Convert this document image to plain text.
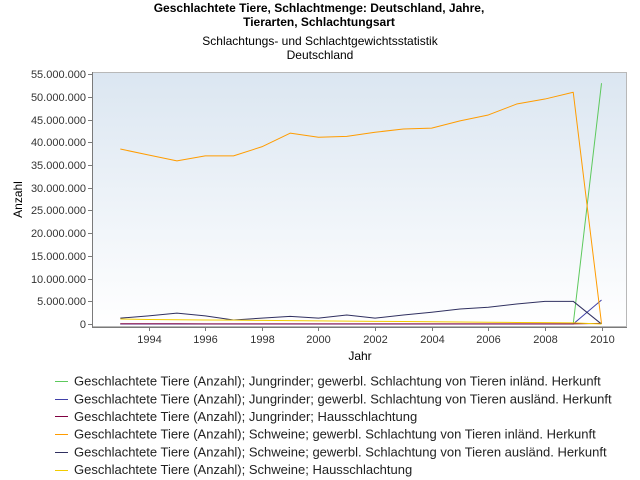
Geschlachtete Tiere, Schlachtmenge: Deutschland, Jahre,
Tierarten, Schlachtungsart
Schlachtungs- und Schlachtgewichtsstatistik
Deutschland
0
5.000.000
10.000.000
15.000.000
20.000.000
25.000.000
30.000.000
35.000.000
40.000.000
45.000.000
50.000.000
55.000.000
1994	1996	1998	2000	2002	2004	2006	2008	2010
Jahr
Anzahl
Geschlachtete Tiere (Anzahl); Jungrinder; gewerbl. Schlachtung von Tieren inländ. Herkunft
Geschlachtete Tiere (Anzahl); Jungrinder; gewerbl. Schlachtung von Tieren ausländ. Herkunft
Geschlachtete Tiere (Anzahl); Jungrinder; Hausschlachtung
Geschlachtete Tiere (Anzahl); Schweine; gewerbl. Schlachtung von Tieren inländ. Herkunft
Geschlachtete Tiere (Anzahl); Schweine; gewerbl. Schlachtung von Tieren ausländ. Herkunft
Geschlachtete Tiere (Anzahl); Schweine; Hausschlachtung
